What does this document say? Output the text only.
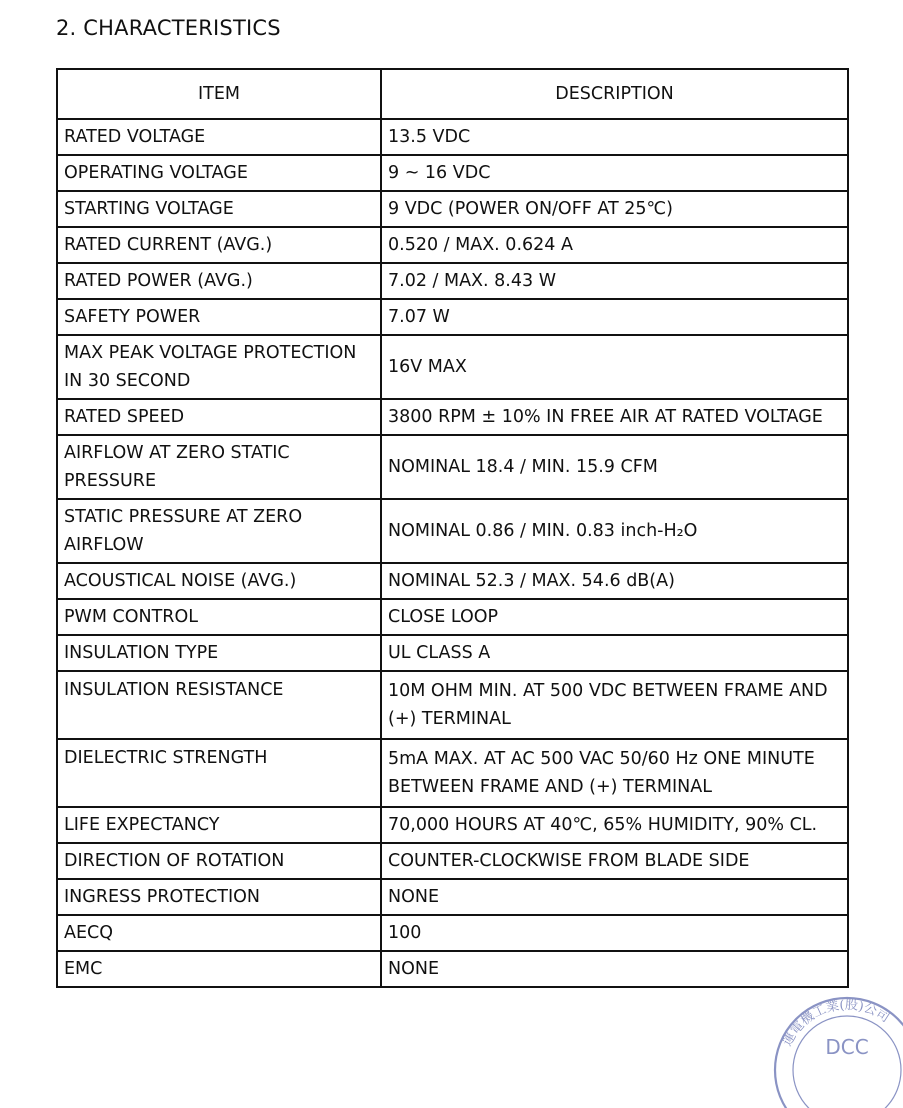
2. CHARACTERISTICS
ITEM	DESCRIPTION
RATED VOLTAGE	13.5 VDC
OPERATING VOLTAGE	9 ~ 16 VDC
STARTING VOLTAGE	9 VDC (POWER ON/OFF AT 25℃)
RATED CURRENT (AVG.)	0.520 / MAX. 0.624 A
RATED POWER (AVG.)	7.02 / MAX. 8.43 W
SAFETY POWER	7.07 W
MAX PEAK VOLTAGE PROTECTION IN 30 SECOND	16V MAX
RATED SPEED	3800 RPM ± 10% IN FREE AIR AT RATED VOLTAGE
AIRFLOW AT ZERO STATIC PRESSURE	NOMINAL 18.4 / MIN. 15.9 CFM
STATIC PRESSURE AT ZERO AIRFLOW	NOMINAL 0.86 / MIN. 0.83 inch-H₂O
ACOUSTICAL NOISE (AVG.)	NOMINAL 52.3 / MAX. 54.6 dB(A)
PWM CONTROL	CLOSE LOOP
INSULATION TYPE	UL CLASS A
INSULATION RESISTANCE	10M OHM MIN. AT 500 VDC BETWEEN FRAME AND (+) TERMINAL
DIELECTRIC STRENGTH	5mA MAX. AT AC 500 VAC 50/60 Hz ONE MINUTE BETWEEN FRAME AND (+) TERMINAL
LIFE EXPECTANCY	70,000 HOURS AT 40℃, 65% HUMIDITY, 90% CL.
DIRECTION OF ROTATION	COUNTER-CLOCKWISE FROM BLADE SIDE
INGRESS PROTECTION	NONE
AECQ	100
EMC	NONE
運電機工業(股)公司
DCC
